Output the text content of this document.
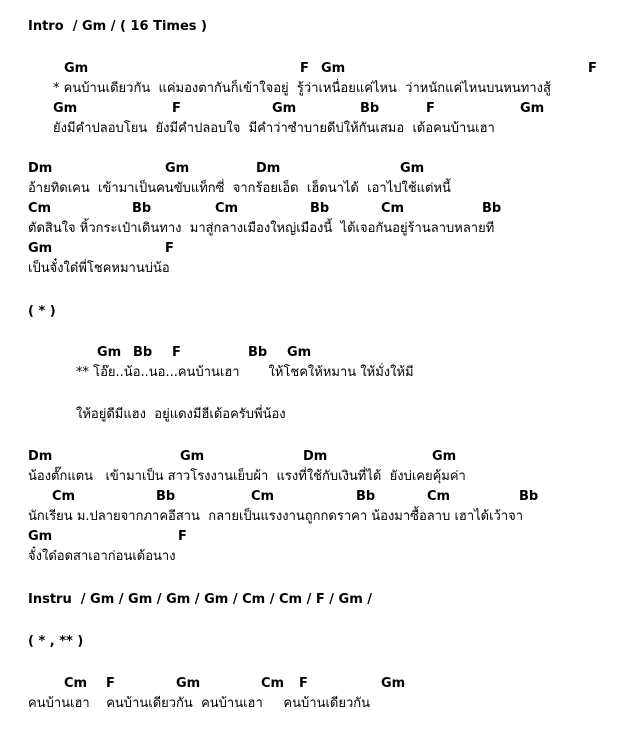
Intro  / Gm / ( 16 Times )
Gm	F Gm	F
* คนบ้านเดียวกัน  แค่มองตากันก็เข้าใจอยู่  รู้ว่าเหนื่อยแค่ไหน  ว่าหนักแค่ไหนบนหนทางสู้
Gm	F	Gm	Bb	F	Gm
ยังมีคำปลอบโยน  ยังมีคำปลอบใจ  มีคำว่าซำบายดีบ่ให้กันเสมอ  เด้อคนบ้านเฮา
Dm	Gm	Dm	Gm
อ้ายทิดเคน  เข้ามาเป็นคนขับแท็กซี่  จากร้อยเอ็ด  เฮ็ดนาได้  เอาไปใช้แต่หนี้
Cm	Bb	Cm	Bb	Cm	Bb
ตัดสินใจ หิ้วกระเป๋าเดินทาง  มาสู่กลางเมืองใหญ่เมืองนี้  ได้เจอกันอยู่ร้านลาบหลายที
Gm	F
เป็นจั๋งใด๋พี่โชคหมานบ่น้อ
( * )
Gm Bb F	Bb Gm
** โอ๊ย..น้อ..นอ...คนบ้านเฮา       ให้โชคให้หมาน ให้มั่งให้มี
ให้อยู่ดีมีแฮง  อยู่แดงมีฮีเด้อครับพี่น้อง
Dm	Gm	Dm	Gm
น้องตั๊กแตน   เข้ามาเป็น สาวโรงงานเย็บผ้า  แรงที่ใช้กับเงินที่ได้  ยังบ่เคยคุ้มค่า
Cm	Bb	Cm	Bb	Cm	Bb
นักเรียน ม.ปลายจากภาคอีสาน  กลายเป็นแรงงานถูกกดราคา น้องมาซื้อลาบ เฮาได้เว้าจา
Gm	F
จั๋งใด๋อดสาเอาก่อนเด้อนาง
Instru  / Gm / Gm / Gm / Gm / Cm / Cm / F / Gm /
( * , ** )
Cm F	Gm	Cm F	Gm
คนบ้านเฮา    คนบ้านเดียวกัน  คนบ้านเฮา     คนบ้านเดียวกัน
